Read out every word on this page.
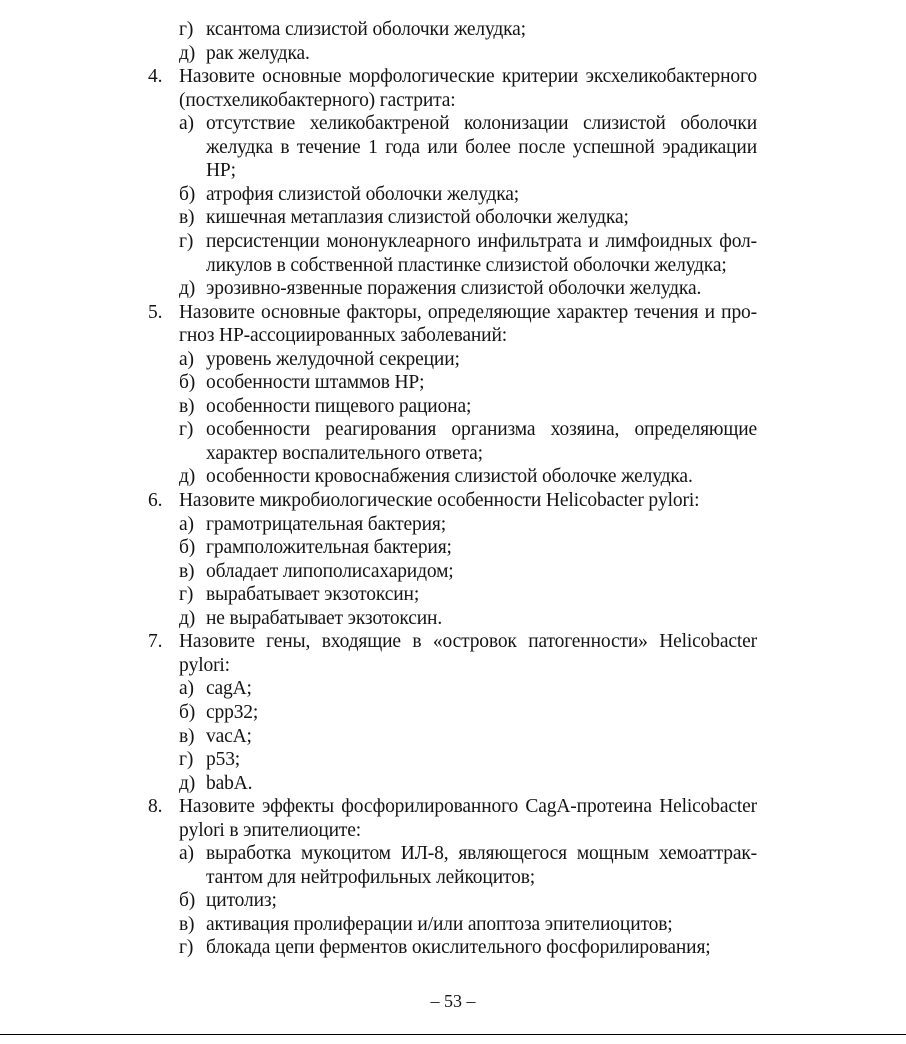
г) ксантома слизистой оболочки желудка;
д) рак желудка.
4. Назовите основные морфологические критерии эксхеликобактерного
(постхеликобактерного) гастрита:
а) отсутствие хеликобактреной колонизации слизистой оболочки
желудка в течение 1 года или более после успешной эрадикации
HP;
б) атрофия слизистой оболочки желудка;
в) кишечная метаплазия слизистой оболочки желудка;
г) персистенции мононуклеарного инфильтрата и лимфоидных фол-
ликулов в собственной пластинке слизистой оболочки желудка;
д) эрозивно-язвенные поражения слизистой оболочки желудка.
5. Назовите основные факторы, определяющие характер течения и про-
гноз HP-ассоциированных заболеваний:
а) уровень желудочной секреции;
б) особенности штаммов HP;
в) особенности пищевого рациона;
г) особенности реагирования организма хозяина, определяющие
характер воспалительного ответа;
д) особенности кровоснабжения слизистой оболочке желудка.
6. Назовите микробиологические особенности Helicobacter pylori:
а) грамотрицательная бактерия;
б) грамположительная бактерия;
в) обладает липополисахаридом;
г) вырабатывает экзотоксин;
д) не вырабатывает экзотоксин.
7. Назовите гены, входящие в «островок патогенности» Helicobacter
pylori:
а) cagA;
б) cpp32;
в) vacA;
г) p53;
д) babA.
8. Назовите эффекты фосфорилированного CagA-протеина Helicobacter
pylori в эпителиоците:
а) выработка мукоцитом ИЛ-8, являющегося мощным хемоаттрак-
тантом для нейтрофильных лейкоцитов;
б) цитолиз;
в) активация пролиферации и/или апоптоза эпителиоцитов;
г) блокада цепи ферментов окислительного фосфорилирования;
– 53 –
